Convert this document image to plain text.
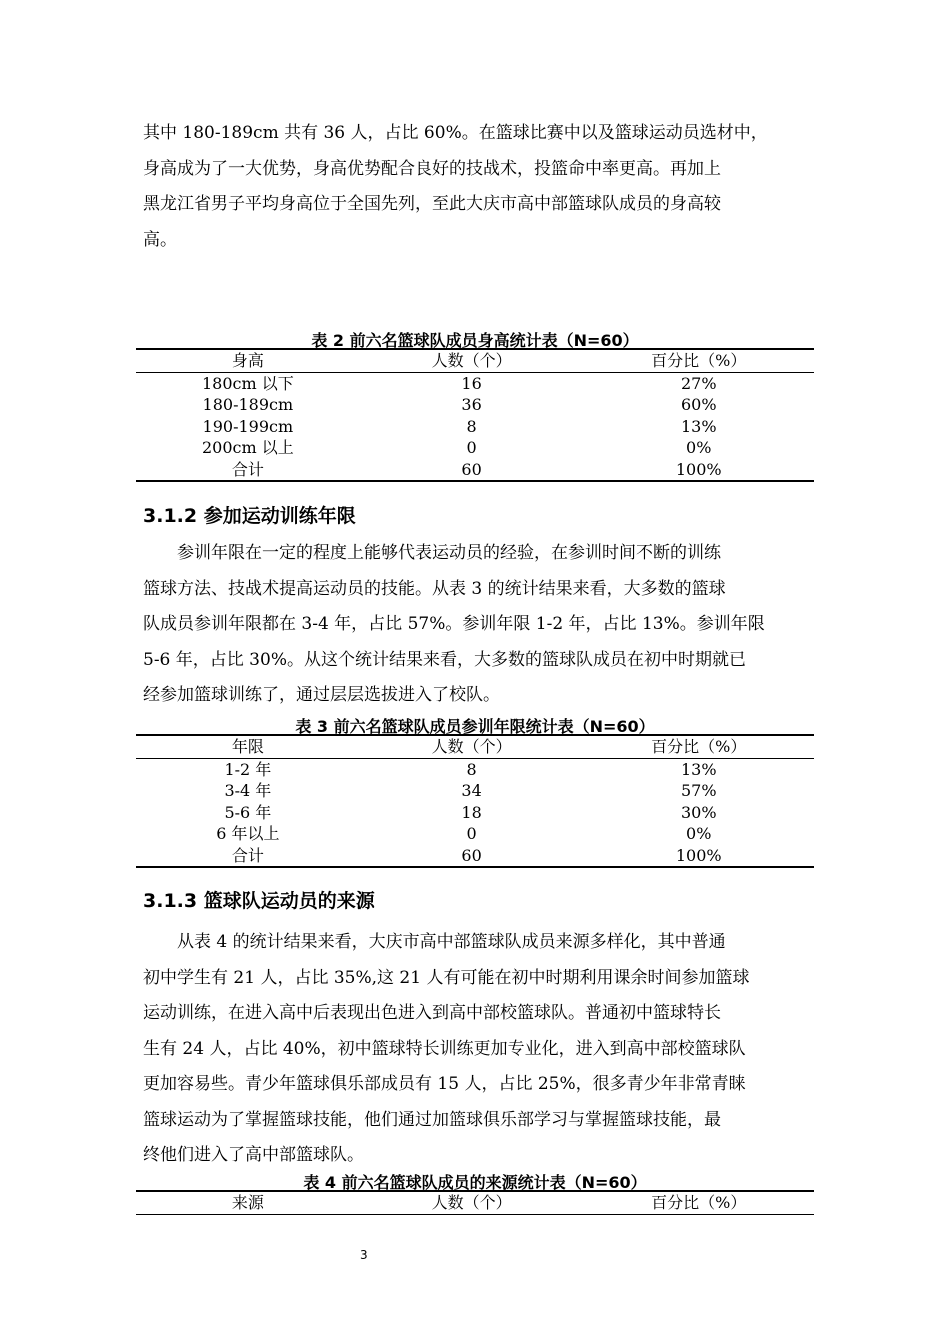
其中 180-189cm 共有 36 人，占比 60%。在篮球比赛中以及篮球运动员选材中，
身高成为了一大优势，身高优势配合良好的技战术，投篮命中率更高。再加上
黑龙江省男子平均身高位于全国先列，至此大庆市高中部篮球队成员的身高较
高。
表 2 前六名篮球队成员身高统计表（N=60）
身高	人数（个）	百分比（%）
180cm 以下	16	27%
180-189cm	36	60%
190-199cm	8	13%
200cm 以上	0	0%
合计	60	100%
3.1.2 参加运动训练年限
　　参训年限在一定的程度上能够代表运动员的经验，在参训时间不断的训练
篮球方法、技战术提高运动员的技能。从表 3 的统计结果来看，大多数的篮球
队成员参训年限都在 3-4 年，占比 57%。参训年限 1-2 年，占比 13%。参训年限
5-6 年，占比 30%。从这个统计结果来看，大多数的篮球队成员在初中时期就已
经参加篮球训练了，通过层层选拔进入了校队。
表 3 前六名篮球队成员参训年限统计表（N=60）
年限	人数（个）	百分比（%）
1-2 年	8	13%
3-4 年	34	57%
5-6 年	18	30%
6 年以上	0	0%
合计	60	100%
3.1.3 篮球队运动员的来源
　　从表 4 的统计结果来看，大庆市高中部篮球队成员来源多样化，其中普通
初中学生有 21 人，占比 35%,这 21 人有可能在初中时期利用课余时间参加篮球
运动训练，在进入高中后表现出色进入到高中部校篮球队。普通初中篮球特长
生有 24 人，占比 40%，初中篮球特长训练更加专业化，进入到高中部校篮球队
更加容易些。青少年篮球俱乐部成员有 15 人，占比 25%，很多青少年非常青睐
篮球运动为了掌握篮球技能，他们通过加篮球俱乐部学习与掌握篮球技能，最
终他们进入了高中部篮球队。
表 4 前六名篮球队成员的来源统计表（N=60）
来源	人数（个）	百分比（%）
3
